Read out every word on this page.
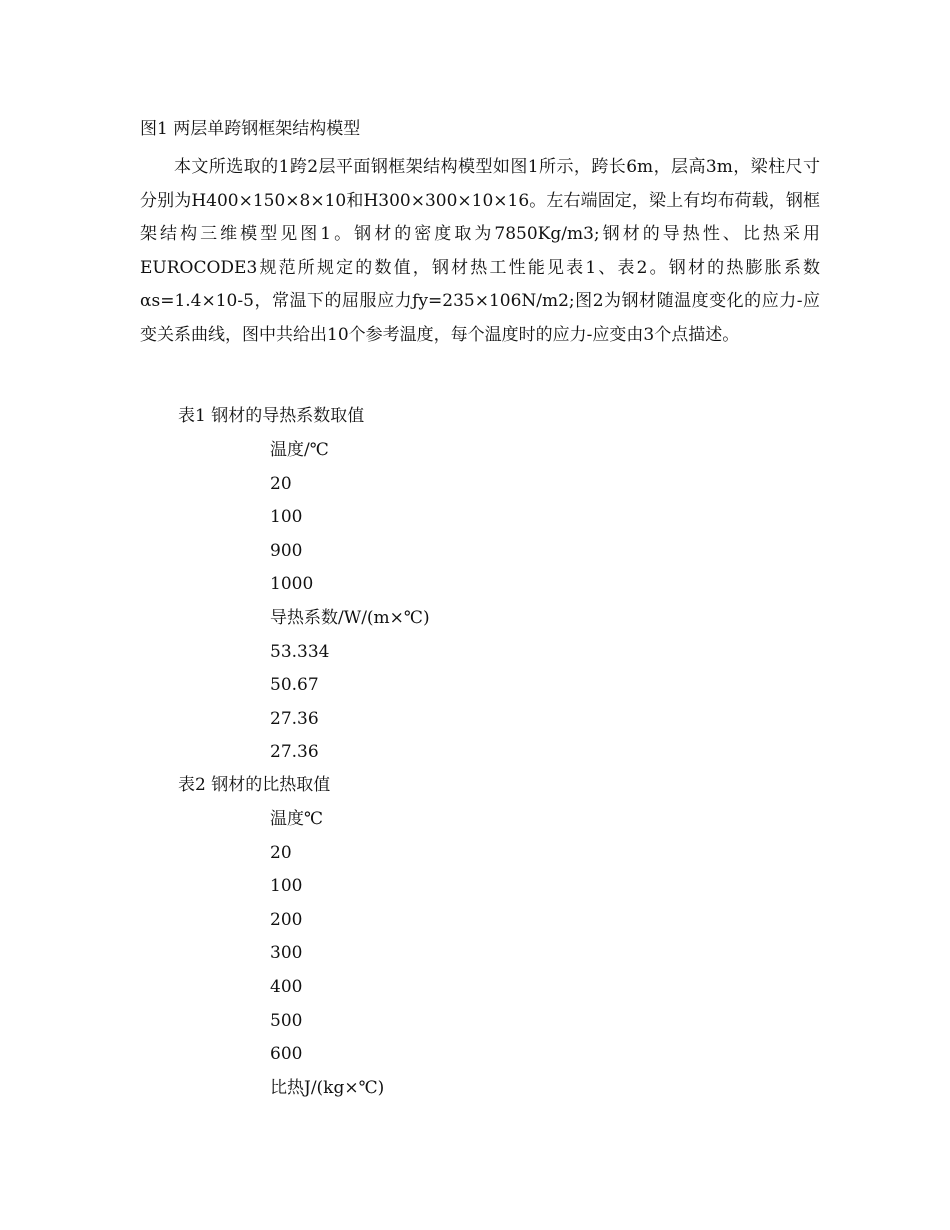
图1 两层单跨钢框架结构模型

本文所选取的1跨2层平面钢框架结构模型如图1所示，跨长6m，层高3m，梁柱尺寸分别为H400×150×8×10和H300×300×10×16。左右端固定，梁上有均布荷载，钢框架结构三维模型见图1。钢材的密度取为7850Kg/m3;钢材的导热性、比热采用EUROCODE3规范所规定的数值，钢材热工性能见表1、表2。钢材的热膨胀系数αs=1.4×10-5，常温下的屈服应力ƒy=235×106N/m2;图2为钢材随温度变化的应力-应变关系曲线，图中共给出10个参考温度，每个温度时的应力-应变由3个点描述。

表1 钢材的导热系数取值
温度/℃
20
100
900
1000
导热系数/W/(m×℃)
53.334
50.67
27.36
27.36
表2 钢材的比热取值
温度℃
20
100
200
300
400
500
600
比热J/(kg×℃)
